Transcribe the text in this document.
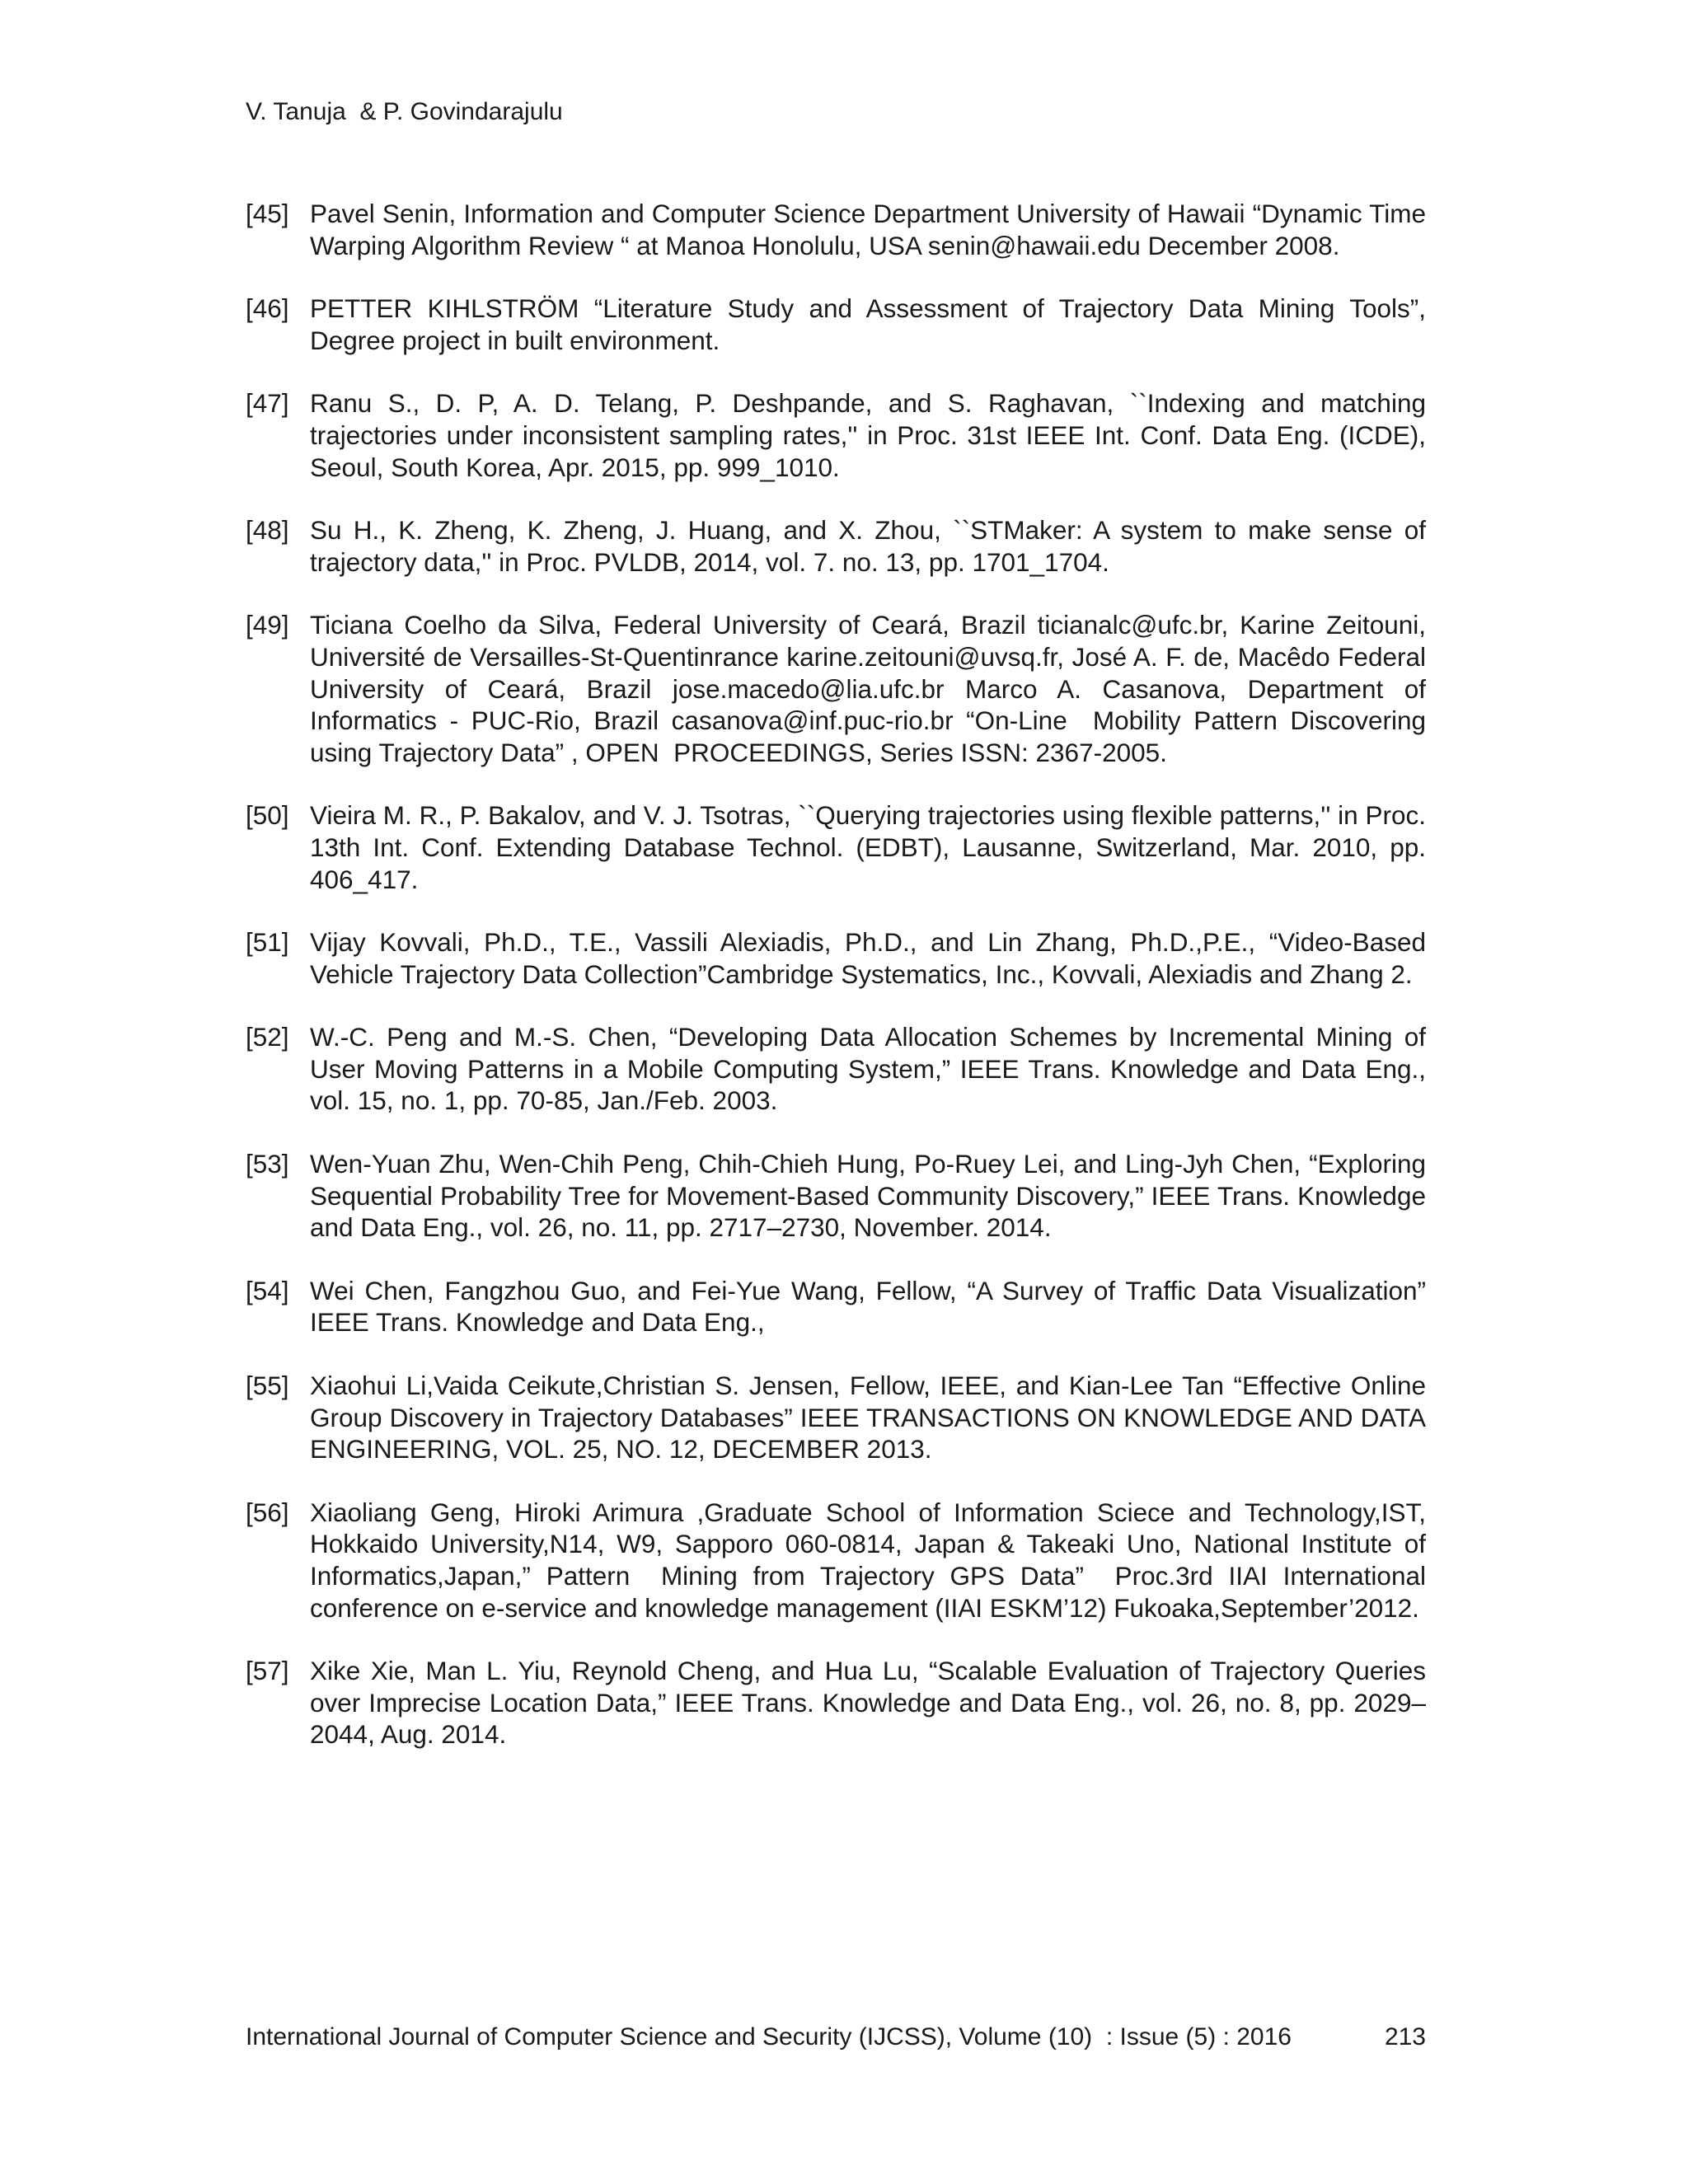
V. Tanuja  & P. Govindarajulu
[45] Pavel Senin, Information and Computer Science Department University of Hawaii “Dynamic Time Warping Algorithm Review “ at Manoa Honolulu, USA senin@hawaii.edu December 2008.
[46] PETTER KIHLSTRÖM “Literature Study and Assessment of Trajectory Data Mining Tools”, Degree project in built environment.
[47] Ranu S., D. P, A. D. Telang, P. Deshpande, and S. Raghavan, ``Indexing and matching trajectories under inconsistent sampling rates,'' in Proc. 31st IEEE Int. Conf. Data Eng. (ICDE), Seoul, South Korea, Apr. 2015, pp. 999_1010.
[48] Su H., K. Zheng, K. Zheng, J. Huang, and X. Zhou, ``STMaker: A system to make sense of trajectory data,'' in Proc. PVLDB, 2014, vol. 7. no. 13, pp. 1701_1704.
[49] Ticiana Coelho da Silva, Federal University of Ceará, Brazil ticianalc@ufc.br, Karine Zeitouni, Université de Versailles-St-Quentinrance karine.zeitouni@uvsq.fr, José A. F. de, Macêdo Federal University of Ceará, Brazil jose.macedo@lia.ufc.br Marco A. Casanova, Department of Informatics - PUC-Rio, Brazil casanova@inf.puc-rio.br “On-Line  Mobility Pattern Discovering using Trajectory Data” , OPEN  PROCEEDINGS, Series ISSN: 2367-2005.
[50] Vieira M. R., P. Bakalov, and V. J. Tsotras, ``Querying trajectories using flexible patterns,'' in Proc. 13th Int. Conf. Extending Database Technol. (EDBT), Lausanne, Switzerland, Mar. 2010, pp. 406_417.
[51] Vijay Kovvali, Ph.D., T.E., Vassili Alexiadis, Ph.D., and Lin Zhang, Ph.D.,P.E., “Video-Based Vehicle Trajectory Data Collection”Cambridge Systematics, Inc., Kovvali, Alexiadis and Zhang 2.
[52] W.-C. Peng and M.-S. Chen, “Developing Data Allocation Schemes by Incremental Mining of User Moving Patterns in a Mobile Computing System,” IEEE Trans. Knowledge and Data Eng., vol. 15, no. 1, pp. 70-85, Jan./Feb. 2003.
[53] Wen-Yuan Zhu, Wen-Chih Peng, Chih-Chieh Hung, Po-Ruey Lei, and Ling-Jyh Chen, “Exploring Sequential Probability Tree for Movement-Based Community Discovery,” IEEE Trans. Knowledge and Data Eng., vol. 26, no. 11, pp. 2717–2730, November. 2014.
[54] Wei Chen, Fangzhou Guo, and Fei-Yue Wang, Fellow, “A Survey of Traffic Data Visualization”  IEEE Trans. Knowledge and Data Eng.,
[55] Xiaohui Li,Vaida Ceikute,Christian S. Jensen, Fellow, IEEE, and Kian-Lee Tan “Effective Online Group Discovery in Trajectory Databases” IEEE TRANSACTIONS ON KNOWLEDGE AND DATA ENGINEERING, VOL. 25, NO. 12, DECEMBER 2013.
[56] Xiaoliang Geng, Hiroki Arimura ,Graduate School of Information Sciece and Technology,IST, Hokkaido University,N14, W9, Sapporo 060-0814, Japan & Takeaki Uno, National Institute of Informatics,Japan,” Pattern  Mining from Trajectory GPS Data”  Proc.3rd IIAI International conference on e-service and knowledge management (IIAI ESKM’12) Fukoaka,September’2012.
[57] Xike Xie, Man L. Yiu, Reynold Cheng, and Hua Lu, “Scalable Evaluation of Trajectory Queries over Imprecise Location Data,” IEEE Trans. Knowledge and Data Eng., vol. 26, no. 8, pp. 2029–2044, Aug. 2014.
International Journal of Computer Science and Security (IJCSS), Volume (10)  : Issue (5) : 2016	213
